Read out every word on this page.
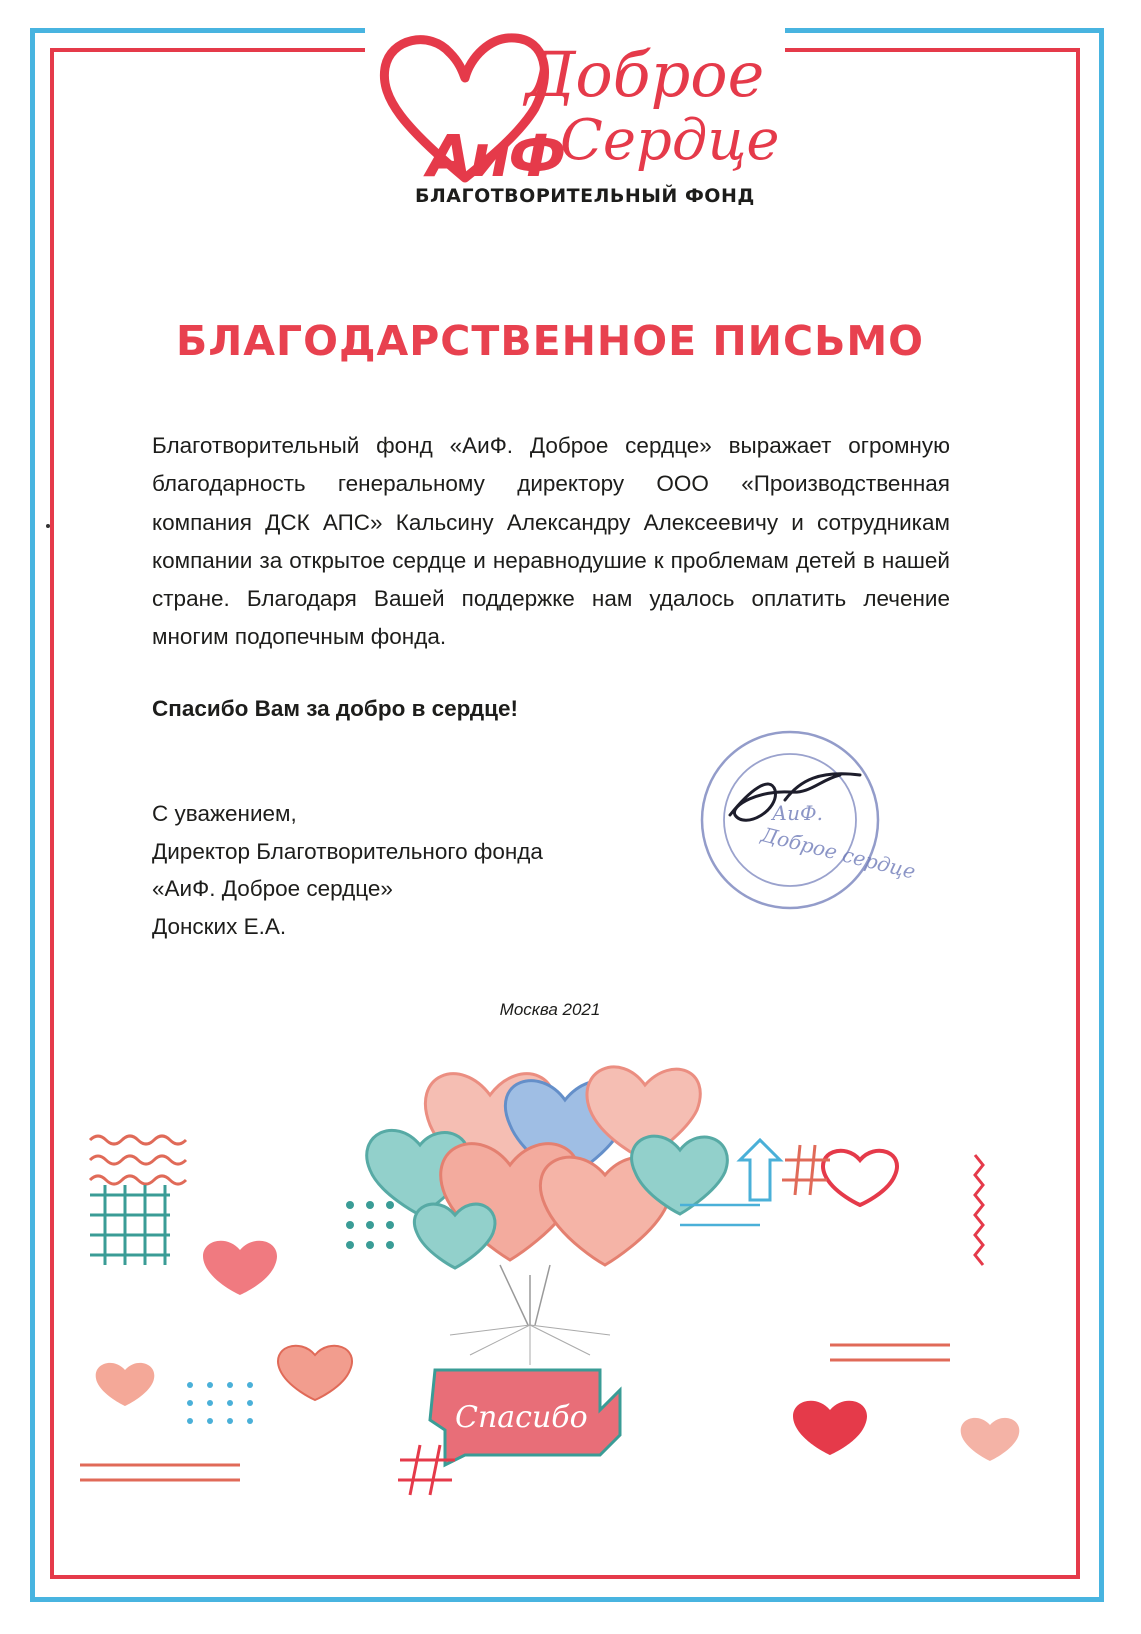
АиФ
Доброе
Сердце
БЛАГОТВОРИТЕЛЬНЫЙ ФОНД
БЛАГОДАРСТВЕННОЕ ПИСЬМО
Благотворительный фонд «АиФ. Доброе сердце» выражает огромную благодарность генеральному директору ООО «Производственная компания ДСК АПС» Кальсину Александру Алексеевичу и сотрудникам компании за открытое сердце и неравнодушие к проблемам детей в нашей стране. Благодаря Вашей поддержке нам удалось оплатить лечение многим подопечным фонда.
Спасибо Вам за добро в сердце!
С уважением,
Директор Благотворительного фонда
«АиФ. Доброе сердце»
Донских Е.А.
АиФ.
Доброе сердце
Москва 2021
Спасибо
